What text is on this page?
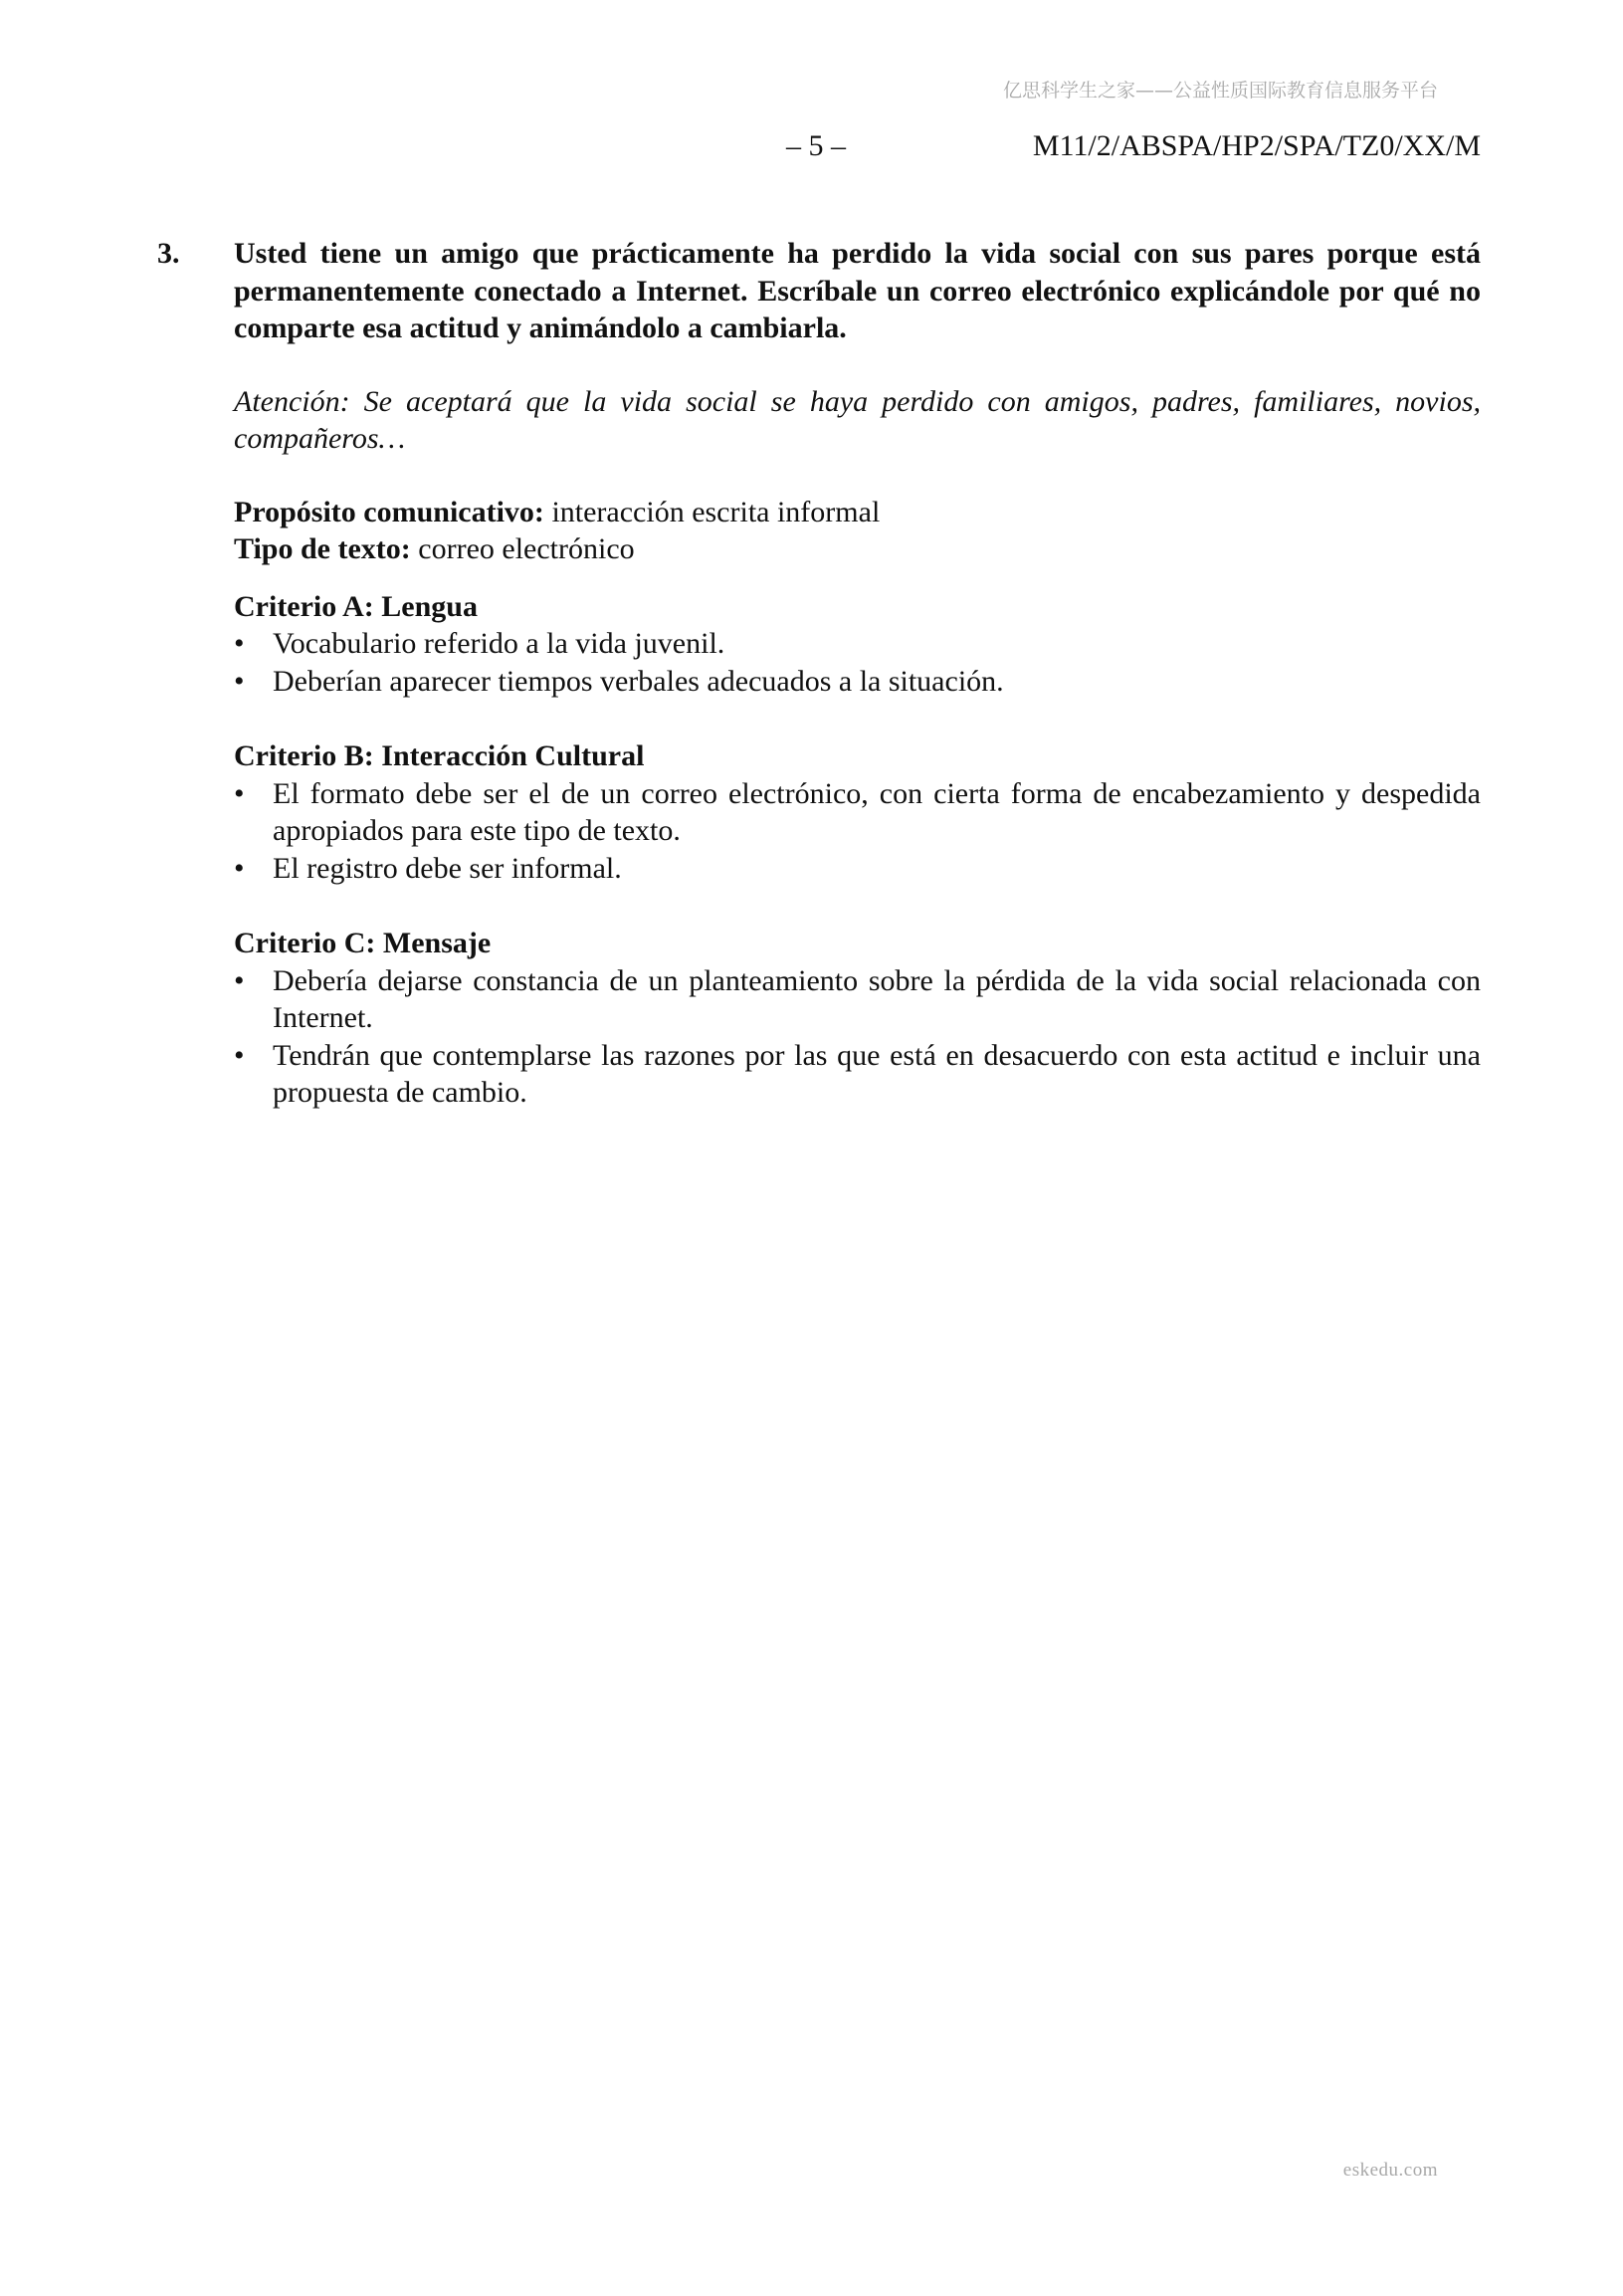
亿思科学生之家——公益性质国际教育信息服务平台
– 5 –	M11/2/ABSPA/HP2/SPA/TZ0/XX/M
3.	Usted tiene un amigo que prácticamente ha perdido la vida social con sus pares porque está permanentemente conectado a Internet. Escríbale un correo electrónico explicándole por qué no comparte esa actitud y animándolo a cambiarla.

Atención: Se aceptará que la vida social se haya perdido con amigos, padres, familiares, novios, compañeros…

Propósito comunicativo: interacción escrita informal

Tipo de texto: correo electrónico

Criterio A: Lengua

• Vocabulario referido a la vida juvenil.
• Deberían aparecer tiempos verbales adecuados a la situación.

Criterio B: Interacción Cultural

• El formato debe ser el de un correo electrónico, con cierta forma de encabezamiento y despedida apropiados para este tipo de texto.
• El registro debe ser informal.

Criterio C: Mensaje

• Debería dejarse constancia de un planteamiento sobre la pérdida de la vida social relacionada con Internet.
• Tendrán que contemplarse las razones por las que está en desacuerdo con esta actitud e incluir una propuesta de cambio.
eskedu.com
